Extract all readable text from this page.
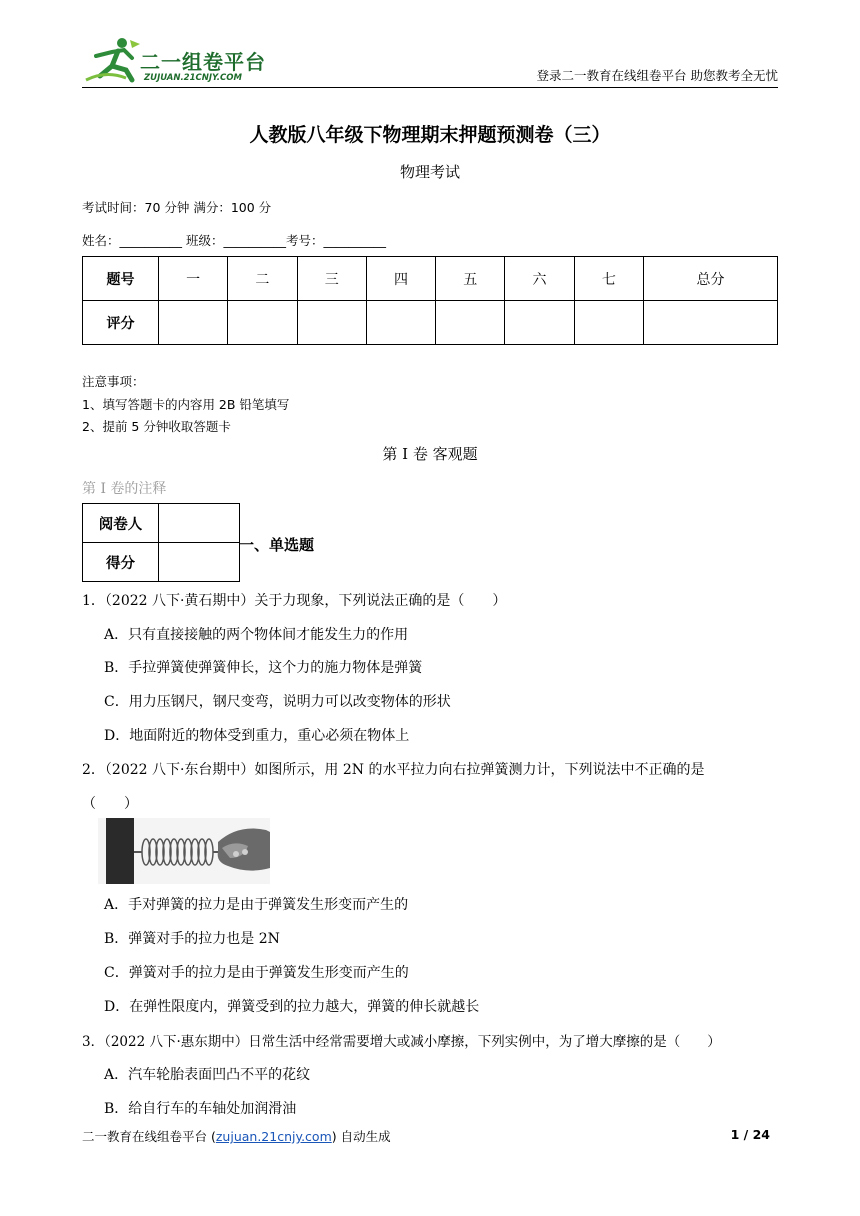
二一组卷平台
ZUJUAN.21CNJY.COM	登录二一教育在线组卷平台 助您教考全无忧
人教版八年级下物理期末押题预测卷（三）
物理考试
考试时间：70 分钟 满分：100 分
姓名：__________ 班级：__________考号：__________
题号	一	二	三	四	五	六	七	总分
评分								
注意事项：
1、填写答题卡的内容用 2B 铅笔填写
2、提前 5 分钟收取答题卡
第 I 卷 客观题
第 I 卷的注释
阅卷人	
得分	
一、单选题
1．（2022 八下·黄石期中）关于力现象，下列说法正确的是（　　）
A．只有直接接触的两个物体间才能发生力的作用
B．手拉弹簧使弹簧伸长，这个力的施力物体是弹簧
C．用力压钢尺，钢尺变弯，说明力可以改变物体的形状
D．地面附近的物体受到重力，重心必须在物体上
2．（2022 八下·东台期中）如图所示，用 2N 的水平拉力向右拉弹簧测力计，下列说法中不正确的是
（　　）
A．手对弹簧的拉力是由于弹簧发生形变而产生的
B．弹簧对手的拉力也是 2N
C．弹簧对手的拉力是由于弹簧发生形变而产生的
D．在弹性限度内，弹簧受到的拉力越大，弹簧的伸长就越长
3．（2022 八下·惠东期中）日常生活中经常需要增大或减小摩擦，下列实例中，为了增大摩擦的是（　　）
A．汽车轮胎表面凹凸不平的花纹
B．给自行车的车轴处加润滑油
二一教育在线组卷平台 (zujuan.21cnjy.com) 自动生成	1 / 24
